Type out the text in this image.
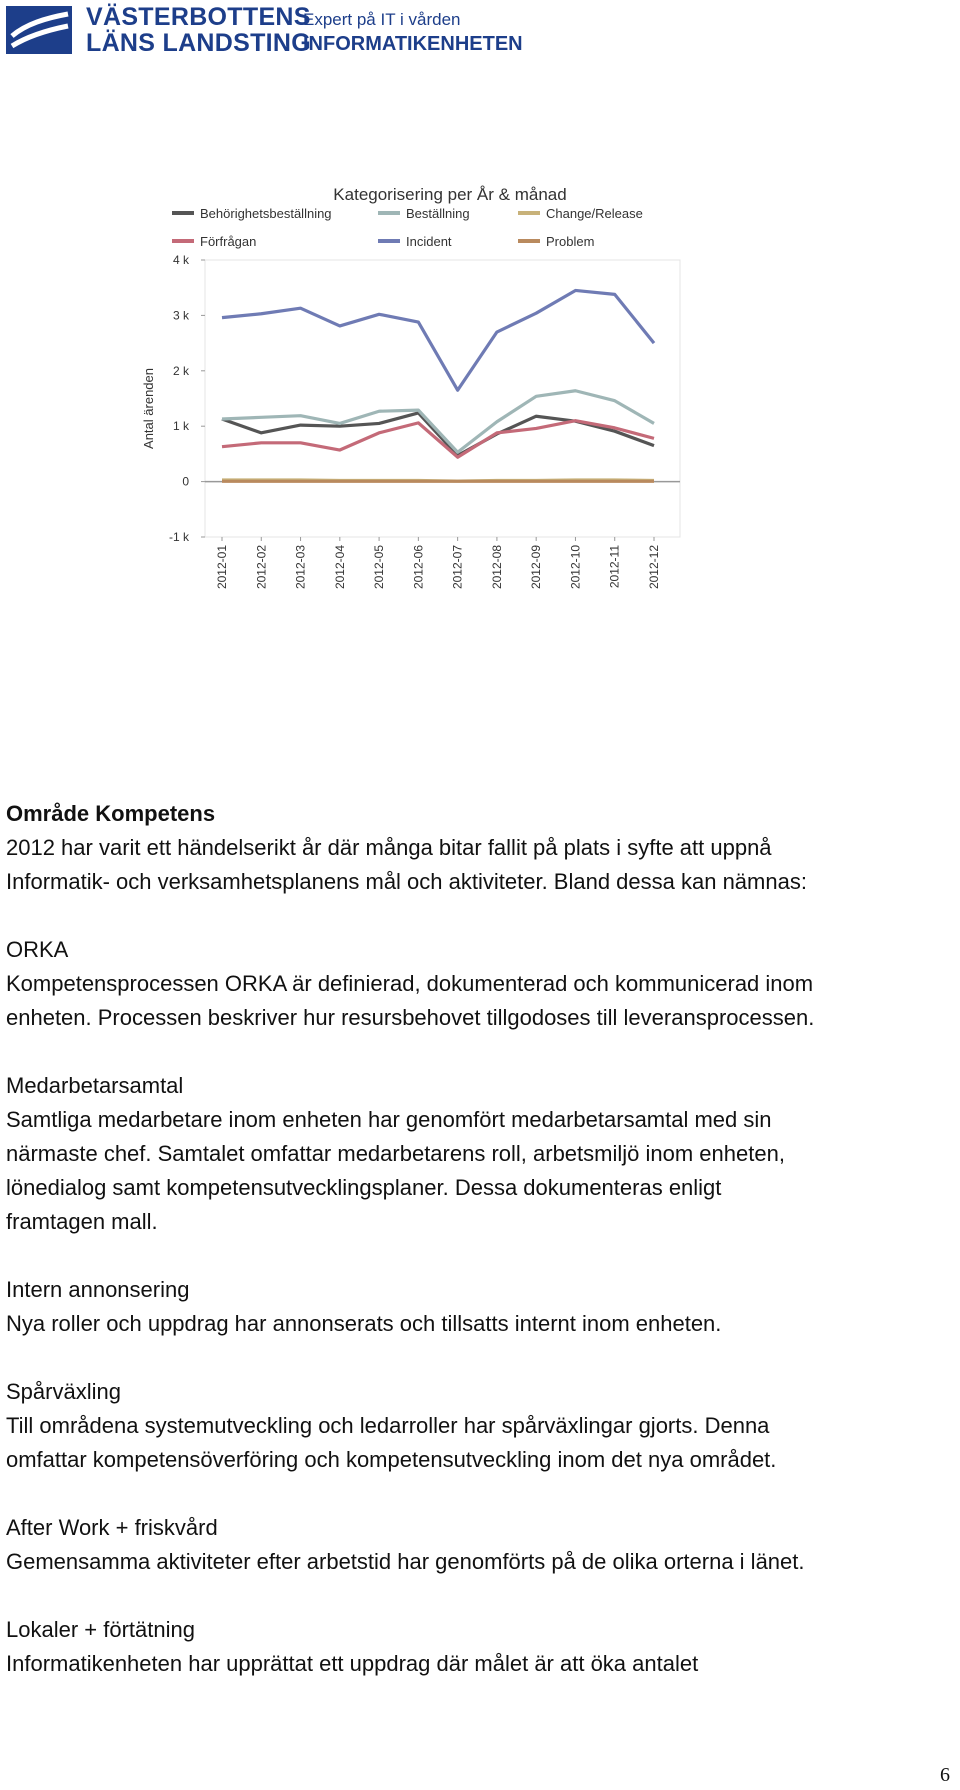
VÄSTERBOTTENS
LÄNS LANDSTING
Expert på IT i vården
INFORMATIKENHETEN
Kategorisering per År & månad
Behörighetsbeställning	Beställning	Change/Release
Förfrågan	Incident	Problem
-1 k
0
1 k
2 k
3 k
4 k
Antal ärenden
2012-01 2012-02 2012-03 2012-04 2012-05 2012-06 2012-07 2012-08 2012-09 2012-10 2012-11 2012-12

Område Kompetens

2012 har varit ett händelserikt år där många bitar fallit på plats i syfte att uppnå

Informatik- och verksamhetsplanens mål och aktiviteter. Bland dessa kan nämnas:

ORKA

Kompetensprocessen ORKA är definierad, dokumenterad och kommunicerad inom

enheten. Processen beskriver hur resursbehovet tillgodoses till leveransprocessen.

Medarbetarsamtal

Samtliga medarbetare inom enheten har genomfört medarbetarsamtal med sin

närmaste chef. Samtalet omfattar medarbetarens roll, arbetsmiljö inom enheten,

lönedialog samt kompetensutvecklingsplaner. Dessa dokumenteras enligt

framtagen mall.

Intern annonsering

Nya roller och uppdrag har annonserats och tillsatts internt inom enheten.

Spårväxling

Till områdena systemutveckling och ledarroller har spårväxlingar gjorts. Denna

omfattar kompetensöverföring och kompetensutveckling inom det nya området.

After Work + friskvård

Gemensamma aktiviteter efter arbetstid har genomförts på de olika orterna i länet.

Lokaler + förtätning

Informatikenheten har upprättat ett uppdrag där målet är att öka antalet

6
